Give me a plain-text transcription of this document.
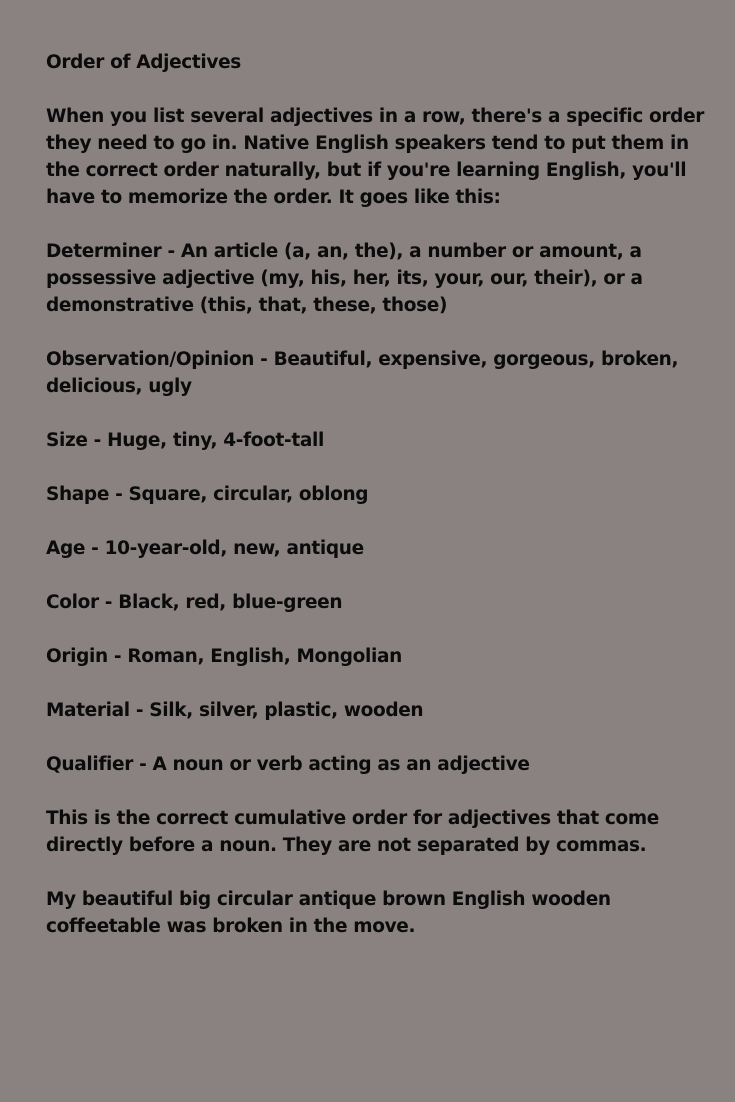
Order of Adjectives

When you list several adjectives in a row, there's a specific order they need to go in. Native English speakers tend to put them in the correct order naturally, but if you're learning English, you'll have to memorize the order. It goes like this:

Determiner - An article (a, an, the), a number or amount, a possessive adjective (my, his, her, its, your, our, their), or a demonstrative (this, that, these, those)

Observation/Opinion - Beautiful, expensive, gorgeous, broken, delicious, ugly

Size - Huge, tiny, 4-foot-tall

Shape - Square, circular, oblong

Age - 10-year-old, new, antique

Color - Black, red, blue-green

Origin - Roman, English, Mongolian

Material - Silk, silver, plastic, wooden

Qualifier - A noun or verb acting as an adjective

This is the correct cumulative order for adjectives that come directly before a noun. They are not separated by commas.

My beautiful big circular antique brown English wooden coffeetable was broken in the move.
